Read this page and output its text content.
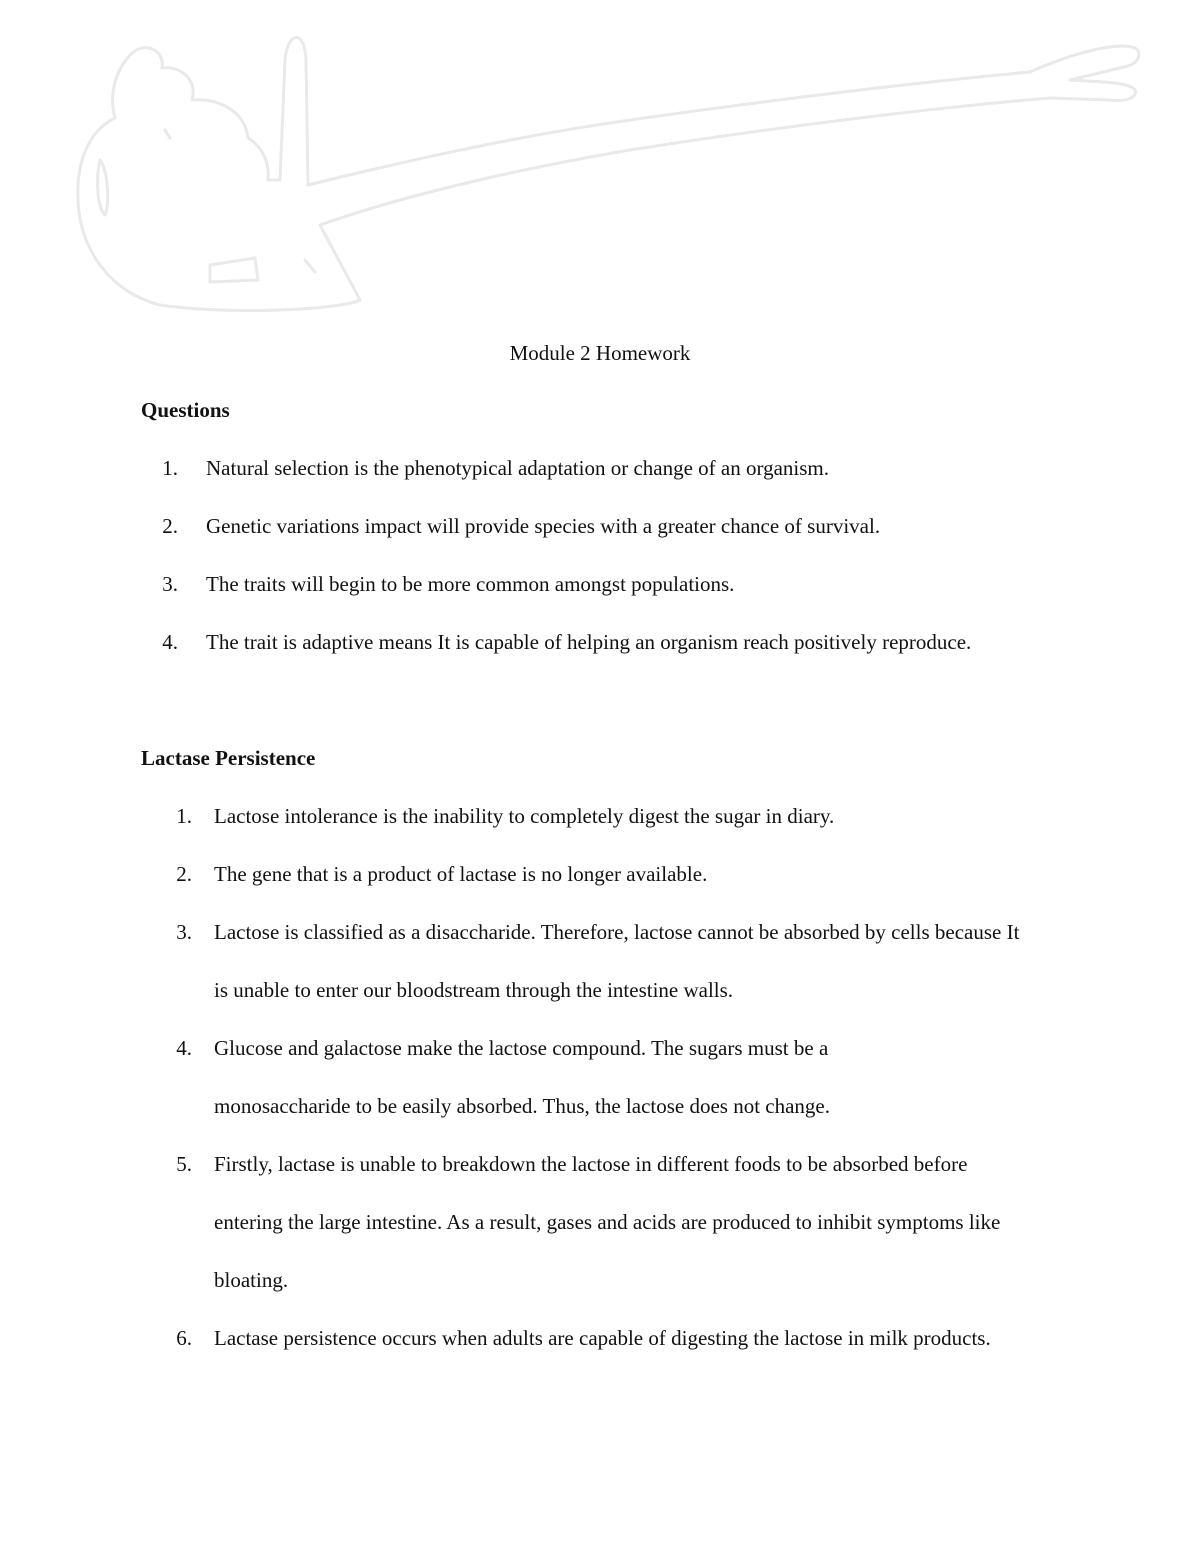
Module 2 Homework
Questions
1. Natural selection is the phenotypical adaptation or change of an organism.
2. Genetic variations impact will provide species with a greater chance of survival.
3. The traits will begin to be more common amongst populations.
4. The trait is adaptive means It is capable of helping an organism reach positively reproduce.
Lactase Persistence
1. Lactose intolerance is the inability to completely digest the sugar in diary.
2. The gene that is a product of lactase is no longer available.
3. Lactose is classified as a disaccharide. Therefore, lactose cannot be absorbed by cells because It is unable to enter our bloodstream through the intestine walls.
4. Glucose and galactose make the lactose compound. The sugars must be a monosaccharide to be easily absorbed. Thus, the lactose does not change.
5. Firstly, lactase is unable to breakdown the lactose in different foods to be absorbed before entering the large intestine. As a result, gases and acids are produced to inhibit symptoms like bloating.
6. Lactase persistence occurs when adults are capable of digesting the lactose in milk products.
